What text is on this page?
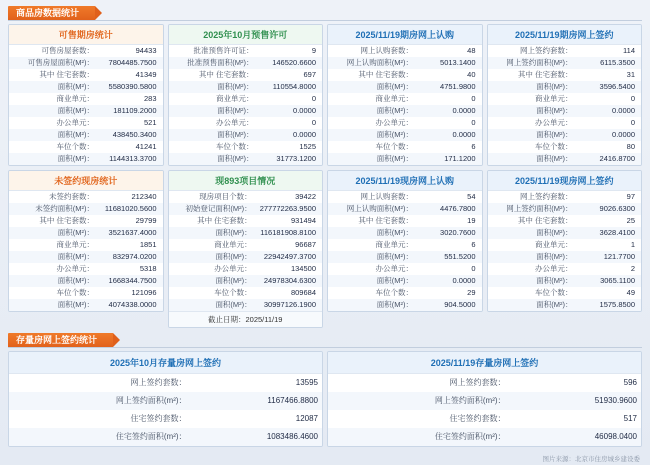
商品房数据统计
可售期房统计
可售房屋套数：	94433
可售房屋面积(M²)：	7804485.7500
其中 住宅套数：	41349
面积(M²)：	5580390.5800
商业单元：	283
面积(M²)：	181109.2000
办公单元：	521
面积(M²)：	438450.3400
车位个数：	41241
面积(M²)：	1144313.3700
未签约现房统计
未签约套数：	212340
未签约面积(M²)：	11681020.5600
其中 住宅套数：	29799
面积(M²)：	3521637.4000
商业单元：	1851
面积(M²)：	832974.0200
办公单元：	5318
面积(M²)：	1668344.7500
车位个数：	121096
面积(M²)：	4074338.0000
2025年10月预售许可
批准预售许可证：	9
批准预售面积(M²)：	146520.6600
其中 住宅套数：	697
面积(M²)：	110554.8000
商业单元：	0
面积(M²)：	0.0000
办公单元：	0
面积(M²)：	0.0000
车位个数：	1525
面积(M²)：	31773.1200
现893项目情况
现房项目个数：	39422
初始登记面积(M²)：	277772263.9500
其中 住宅套数：	931494
面积(M²)：	116181908.8100
商业单元：	96687
面积(M²)：	22942497.3700
办公单元：	134500
面积(M²)：	24978304.6300
车位个数：	809684
面积(M²)：	30997126.1900
截止日期：2025/11/19
2025/11/19期房网上认购
网上认购套数：	48
网上认购面积(M²)：	5013.1400
其中 住宅套数：	40
面积(M²)：	4751.9800
商业单元：	0
面积(M²)：	0.0000
办公单元：	0
面积(M²)：	0.0000
车位个数：	6
面积(M²)：	171.1200
2025/11/19现房网上认购
网上认购套数：	54
网上认购面积(M²)：	4476.7800
其中 住宅套数：	19
面积(M²)：	3020.7600
商业单元：	6
面积(M²)：	551.5200
办公单元：	0
面积(M²)：	0.0000
车位个数：	29
面积(M²)：	904.5000
2025/11/19期房网上签约
网上签约套数：	114
网上签约面积(M²)：	6115.3500
其中 住宅套数：	31
面积(M²)：	3596.5400
商业单元：	0
面积(M²)：	0.0000
办公单元：	0
面积(M²)：	0.0000
车位个数：	80
面积(M²)：	2416.8700
2025/11/19现房网上签约
网上签约套数：	97
网上签约面积(M²)：	9026.6300
其中 住宅套数：	25
面积(M²)：	3628.4100
商业单元：	1
面积(M²)：	121.7700
办公单元：	2
面积(M²)：	3065.1100
车位个数：	49
面积(M²)：	1575.8500
存量房网上签约统计
2025年10月存量房网上签约
网上签约套数：	13595
网上签约面积(m²)：	1167466.8800
住宅签约套数：	12087
住宅签约面积(m²)：	1083486.4600
2025/11/19存量房网上签约
网上签约套数：	596
网上签约面积(m²)：	51930.9600
住宅签约套数：	517
住宅签约面积(m²)：	46098.0400
图片来源：北京市住房城乡建设委
